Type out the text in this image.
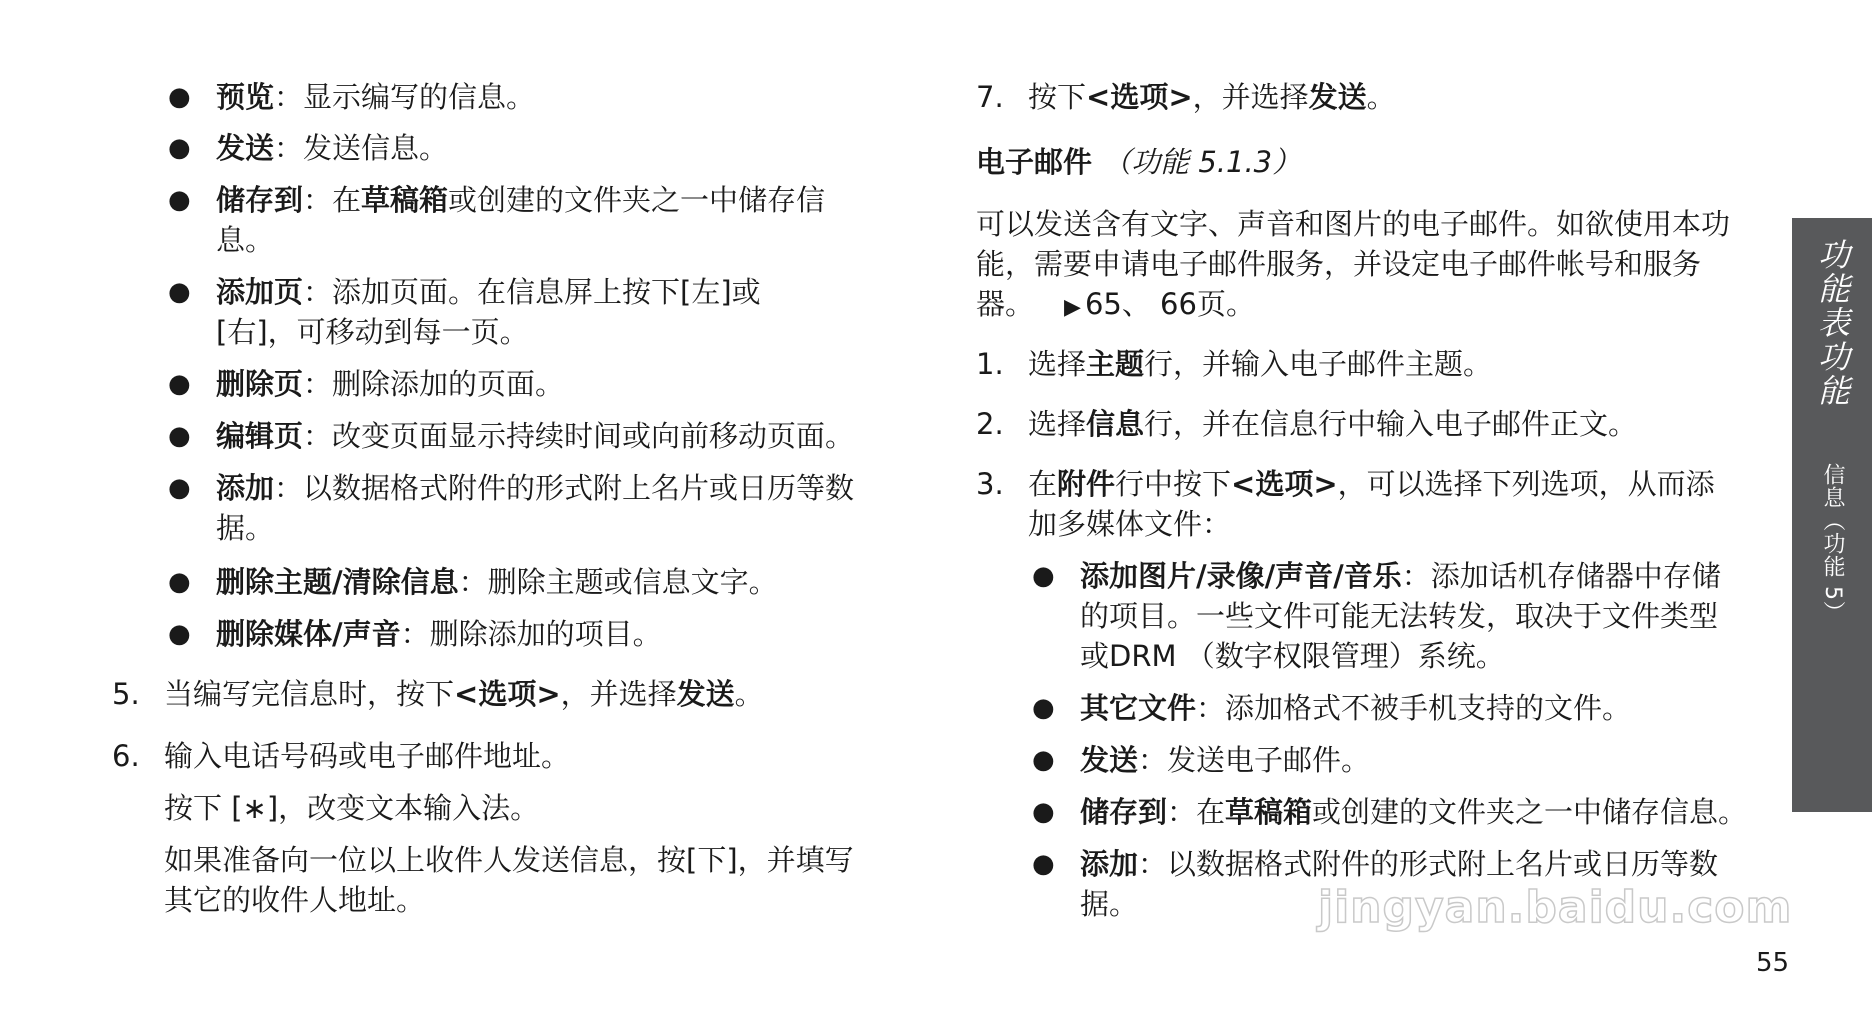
● 预览：显示编写的信息。
● 发送：发送信息。
● 储存到：在草稿箱或创建的文件夹之一中储存信
息。
● 添加页：添加页面。在信息屏上按下[左]或
[右]，可移动到每一页。
● 删除页：删除添加的页面。
● 编辑页：改变页面显示持续时间或向前移动页面。
● 添加：以数据格式附件的形式附上名片或日历等数
据。
● 删除主题/清除信息：删除主题或信息文字。
● 删除媒体/声音：删除添加的项目。
5. 当编写完信息时，按下<选项>，并选择发送。
6. 输入电话号码或电子邮件地址。
按下 [∗]，改变文本输入法。
如果准备向一位以上收件人发送信息，按[下]，并填写
其它的收件人地址。
7. 按下<选项>，并选择发送。
电子邮件 （功能 5.1.3）
可以发送含有文字、声音和图片的电子邮件。如欲使用本功
能，需要申请电子邮件服务，并设定电子邮件帐号和服务
器。 ▶ 65、 66页。
1. 选择主题行，并输入电子邮件主题。
2. 选择信息行，并在信息行中输入电子邮件正文。
3. 在附件行中按下<选项>，可以选择下列选项，从而添
加多媒体文件：
● 添加图片/录像/声音/音乐：添加话机存储器中存储
的项目。一些文件可能无法转发，取决于文件类型
或DRM （数字权限管理）系统。
● 其它文件：添加格式不被手机支持的文件。
● 发送：发送电子邮件。
● 储存到：在草稿箱或创建的文件夹之一中储存信息。
● 添加：以数据格式附件的形式附上名片或日历等数
据。
功能表功能 信息（功能 5）
jingyan.baidu.com
55
